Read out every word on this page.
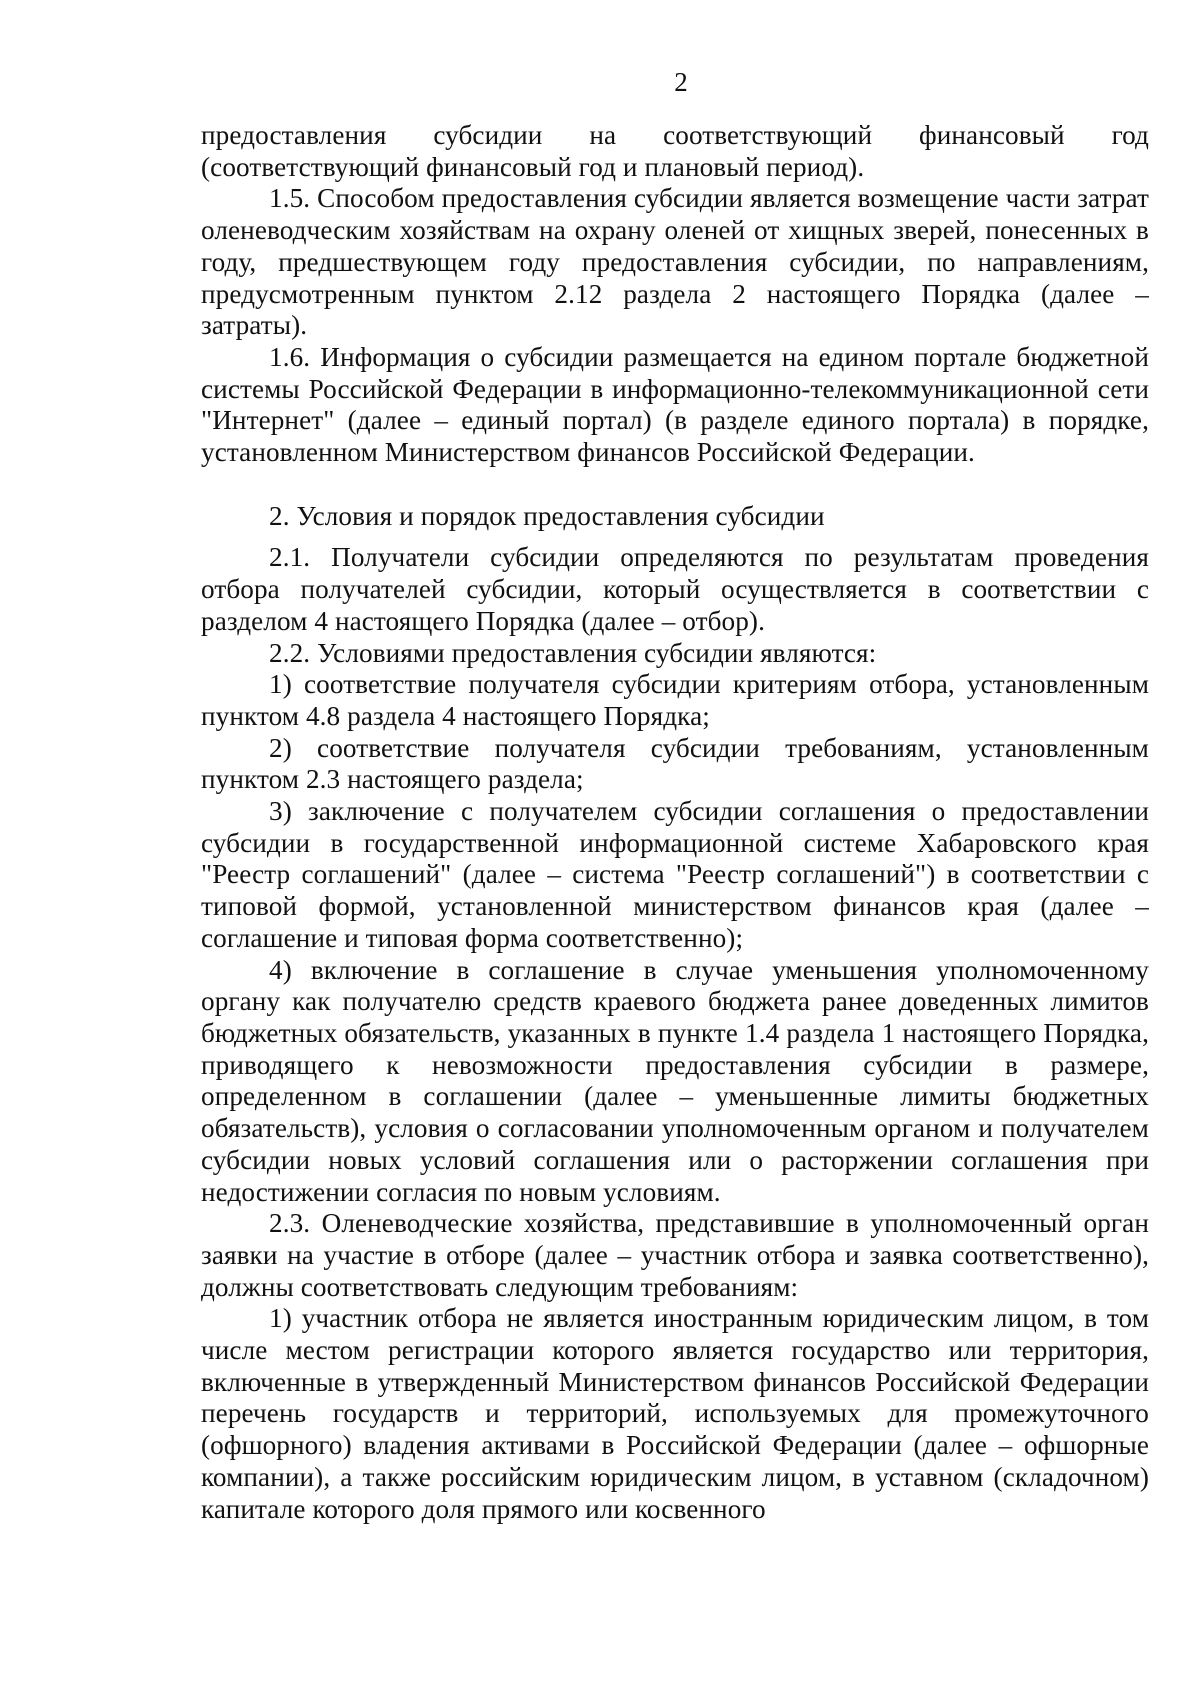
2

предоставления субсидии на соответствующий финансовый год (соответствующий финансовый год и плановый период).

1.5. Способом предоставления субсидии является возмещение части затрат оленеводческим хозяйствам на охрану оленей от хищных зверей, понесенных в году, предшествующем году предоставления субсидии, по направлениям, предусмотренным пунктом 2.12 раздела 2 настоящего Порядка (далее – затраты).

1.6. Информация о субсидии размещается на едином портале бюджетной системы Российской Федерации в информационно-телекоммуникационной сети "Интернет" (далее – единый портал) (в разделе единого портала) в порядке, установленном Министерством финансов Российской Федерации.

2. Условия и порядок предоставления субсидии

2.1. Получатели субсидии определяются по результатам проведения отбора получателей субсидии, который осуществляется в соответствии с разделом 4 настоящего Порядка (далее – отбор).

2.2. Условиями предоставления субсидии являются:

1) соответствие получателя субсидии критериям отбора, установленным пунктом 4.8 раздела 4 настоящего Порядка;

2) соответствие получателя субсидии требованиям, установленным пунктом 2.3 настоящего раздела;

3) заключение с получателем субсидии соглашения о предоставлении субсидии в государственной информационной системе Хабаровского края "Реестр соглашений" (далее – система "Реестр соглашений") в соответствии с типовой формой, установленной министерством финансов края (далее – соглашение и типовая форма соответственно);

4) включение в соглашение в случае уменьшения уполномоченному органу как получателю средств краевого бюджета ранее доведенных лимитов бюджетных обязательств, указанных в пункте 1.4 раздела 1 настоящего Порядка, приводящего к невозможности предоставления субсидии в размере, определенном в соглашении (далее – уменьшенные лимиты бюджетных обязательств), условия о согласовании уполномоченным органом и получателем субсидии новых условий соглашения или о расторжении соглашения при недостижении согласия по новым условиям.

2.3. Оленеводческие хозяйства, представившие в уполномоченный орган заявки на участие в отборе (далее – участник отбора и заявка соответственно), должны соответствовать следующим требованиям:

1) участник отбора не является иностранным юридическим лицом, в том числе местом регистрации которого является государство или территория, включенные в утвержденный Министерством финансов Российской Федерации перечень государств и территорий, используемых для промежуточного (офшорного) владения активами в Российской Федерации (далее – офшорные компании), а также российским юридическим лицом, в уставном (складочном) капитале которого доля прямого или косвенного
